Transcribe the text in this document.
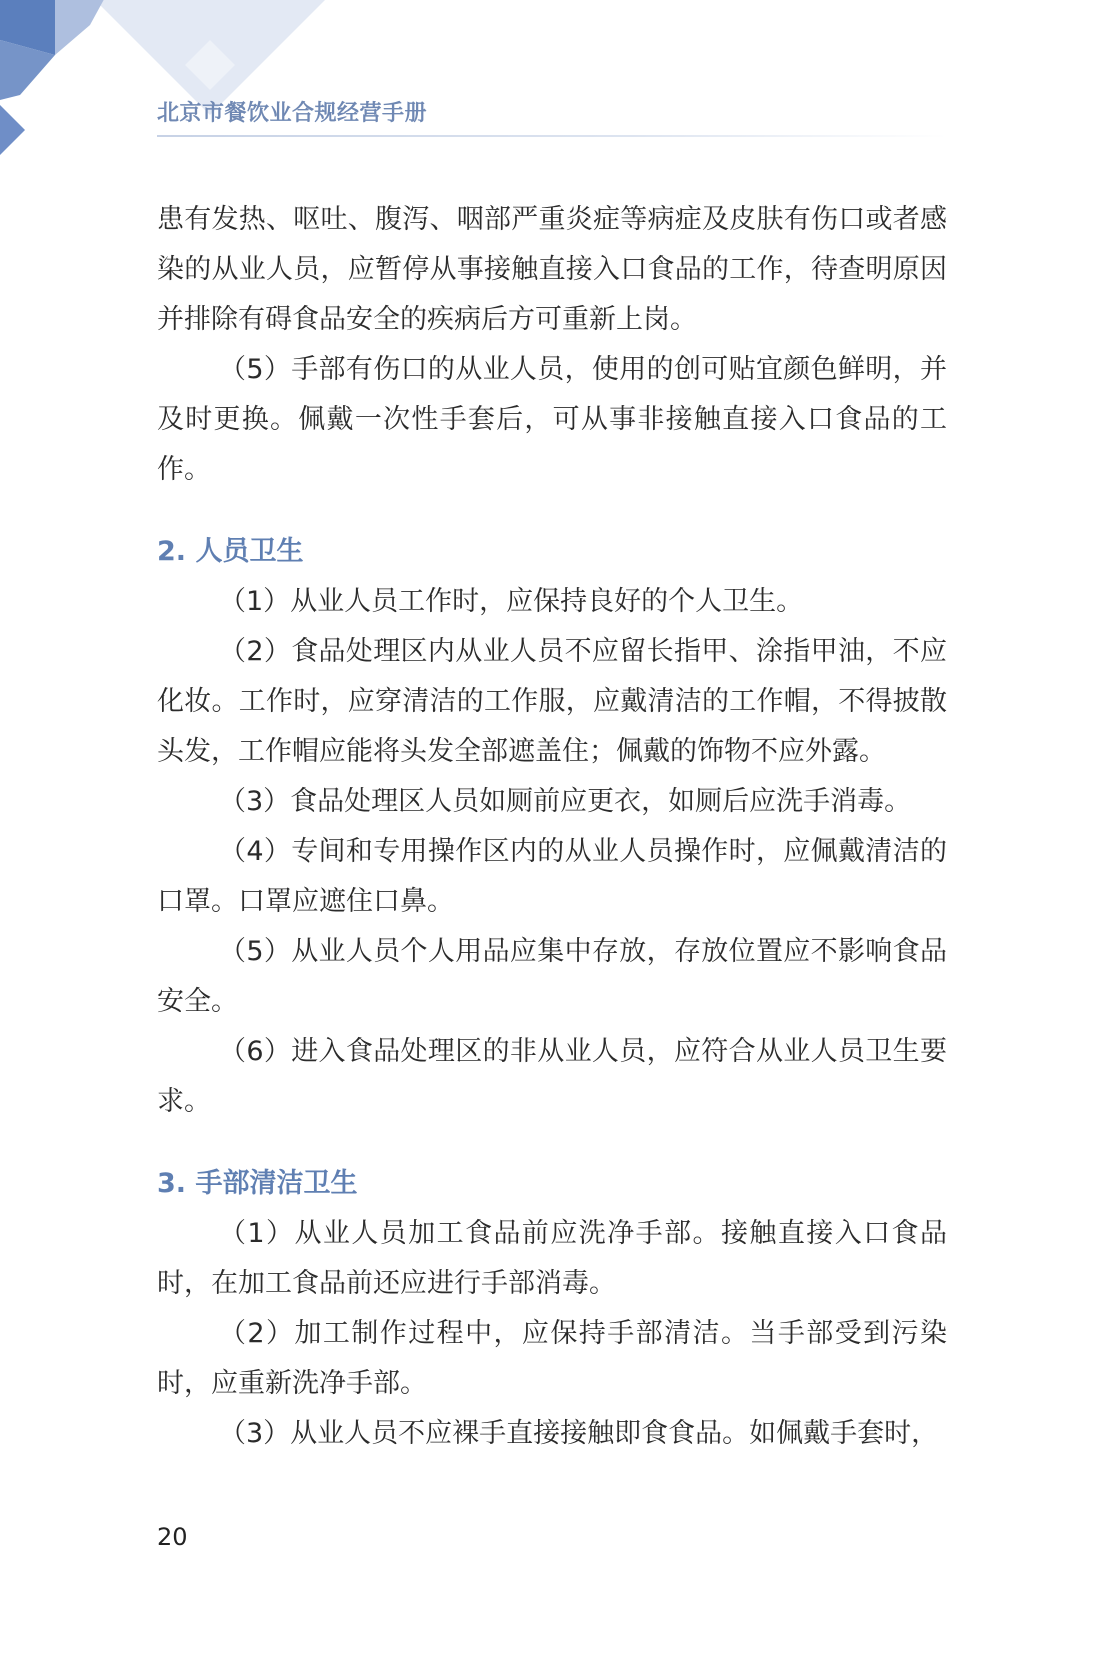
北京市餐饮业合规经营手册

患有发热、呕吐、腹泻、咽部严重炎症等病症及皮肤有伤口或者感染的从业人员，应暂停从事接触直接入口食品的工作，待查明原因并排除有碍食品安全的疾病后方可重新上岗。

（5）手部有伤口的从业人员，使用的创可贴宜颜色鲜明，并及时更换。佩戴一次性手套后，可从事非接触直接入口食品的工作。

2. 人员卫生

（1）从业人员工作时，应保持良好的个人卫生。

（2）食品处理区内从业人员不应留长指甲、涂指甲油，不应化妆。工作时，应穿清洁的工作服，应戴清洁的工作帽，不得披散头发，工作帽应能将头发全部遮盖住；佩戴的饰物不应外露。

（3）食品处理区人员如厕前应更衣，如厕后应洗手消毒。

（4）专间和专用操作区内的从业人员操作时，应佩戴清洁的口罩。口罩应遮住口鼻。

（5）从业人员个人用品应集中存放，存放位置应不影响食品安全。

（6）进入食品处理区的非从业人员，应符合从业人员卫生要求。

3. 手部清洁卫生

（1）从业人员加工食品前应洗净手部。接触直接入口食品时，在加工食品前还应进行手部消毒。

（2）加工制作过程中，应保持手部清洁。当手部受到污染时，应重新洗净手部。

（3）从业人员不应裸手直接接触即食食品。如佩戴手套时，

20
